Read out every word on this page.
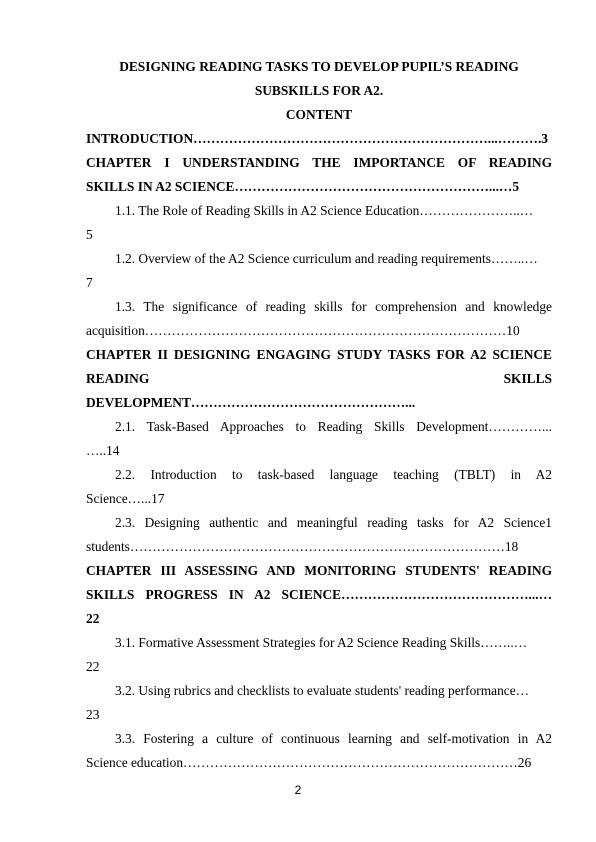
DESIGNING READING TASKS TO DEVELOP PUPIL’S READING

SUBSKILLS FOR A2.

CONTENT

INTRODUCTION…………………………………………………………...……….3

CHAPTER I UNDERSTANDING THE IMPORTANCE OF READING

SKILLS IN A2 SCIENCE…………………………………………………...…5

1.1. The Role of Reading Skills in A2 Science Education…………………..…

5

1.2. Overview of the A2 Science curriculum and reading requirements……..…

7

1.3. The significance of reading skills for comprehension and knowledge

acquisition………………………………………………………………………10

CHAPTER II DESIGNING ENGAGING STUDY TASKS FOR A2 SCIENCE

READING SKILLS

DEVELOPMENT…………………………………………...

2.1. Task-Based Approaches to Reading Skills Development…………...

…..14

2.2. Introduction to task-based language teaching (TBLT) in A2

Science…...17

2.3. Designing authentic and meaningful reading tasks for A2 Science1

students…………………………………………………………………………18

CHAPTER III ASSESSING AND MONITORING STUDENTS' READING

SKILLS PROGRESS IN A2 SCIENCE……………………………………...…

22

3.1. Formative Assessment Strategies for A2 Science Reading Skills……..…

22

3.2. Using rubrics and checklists to evaluate students' reading performance…

23

3.3. Fostering a culture of continuous learning and self-motivation in A2

Science education…………………………………………………………………26

2
